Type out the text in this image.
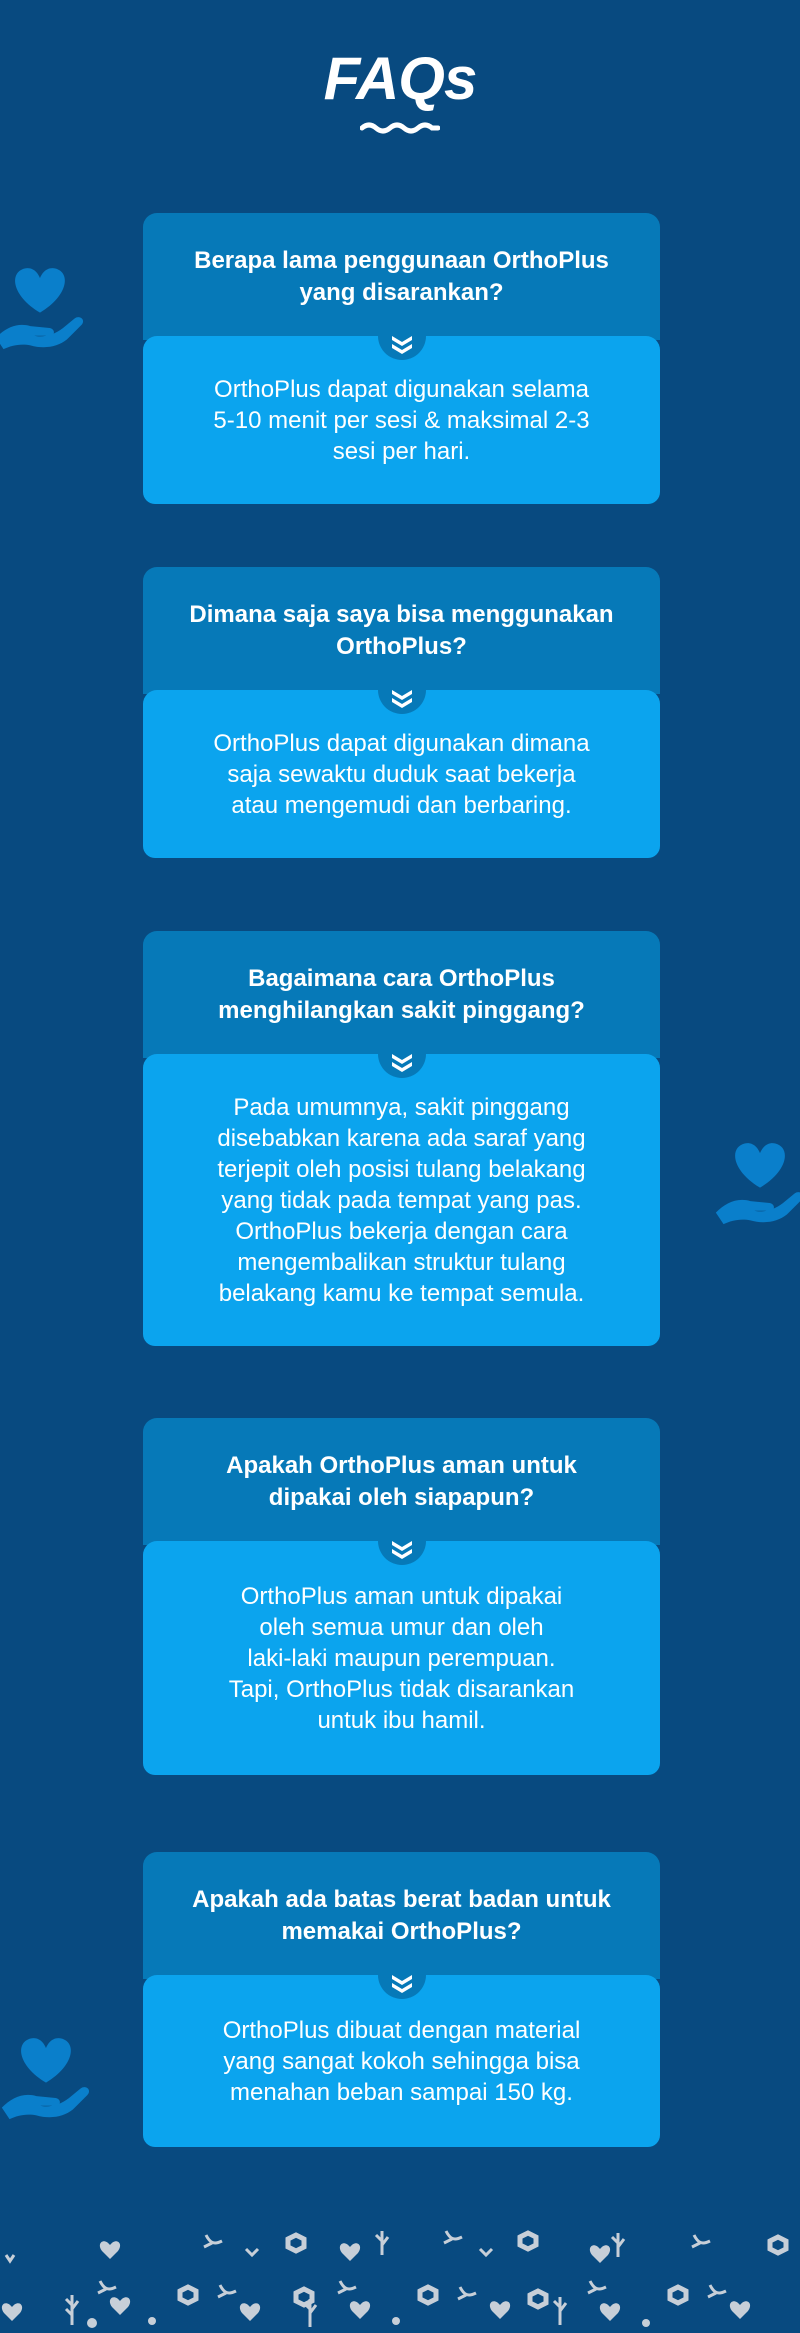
FAQs
Berapa lama penggunaan OrthoPlus yang disarankan?

OrthoPlus dapat digunakan selama
5-10 menit per sesi & maksimal 2-3
sesi per hari.

Dimana saja saya bisa menggunakan OrthoPlus?

OrthoPlus dapat digunakan dimana
saja sewaktu duduk saat bekerja
atau mengemudi dan berbaring.

Bagaimana cara OrthoPlus menghilangkan sakit pinggang?

Pada umumnya, sakit pinggang
disebabkan karena ada saraf yang
terjepit oleh posisi tulang belakang
yang tidak pada tempat yang pas.
OrthoPlus bekerja dengan cara
mengembalikan struktur tulang
belakang kamu ke tempat semula.

Apakah OrthoPlus aman untuk dipakai oleh siapapun?

OrthoPlus aman untuk dipakai
oleh semua umur dan oleh
laki-laki maupun perempuan.
Tapi, OrthoPlus tidak disarankan
untuk ibu hamil.

Apakah ada batas berat badan untuk memakai OrthoPlus?

OrthoPlus dibuat dengan material
yang sangat kokoh sehingga bisa
menahan beban sampai 150 kg.
